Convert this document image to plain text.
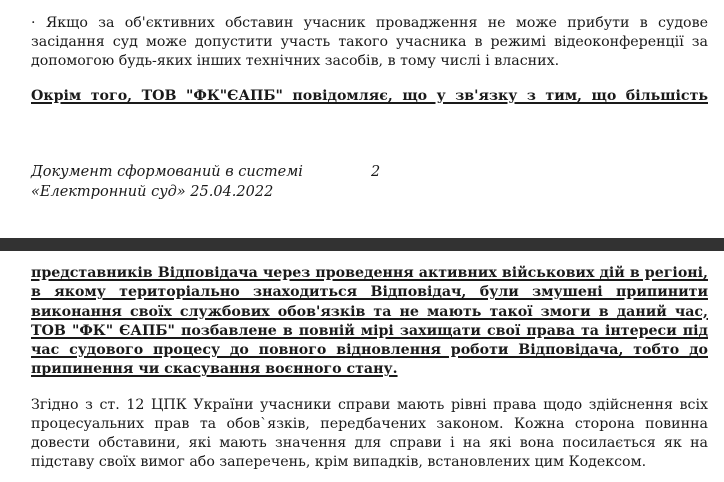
· Якщо за об'єктивних обставин учасник провадження не може прибути в судове засідання суд може допустити участь такого учасника в режимі відеоконференції за допомогою будь-яких інших технічних засобів, в тому числі і власних.

Окрім того, ТОВ "ФК"ЄАПБ" повідомляє, що у зв'язку з тим, що більшість

Документ сформований в системі
«Електронний суд» 25.04.2022
2

представників Відповідача через проведення активних військових дій в регіоні, в якому територіально знаходиться Відповідач, були змушені припинити виконання своїх службових обов'язків та не мають такої змоги в даний час, ТОВ "ФК" ЄАПБ" позбавлене в повній мірі захищати свої права та інтереси під час судового процесу до повного відновлення роботи Відповідача, тобто до припинення чи скасування воєнного стану.

Згідно з ст. 12 ЦПК України учасники справи мають рівні права щодо здійснення всіх процесуальних прав та обов`язків, передбачених законом. Кожна сторона повинна довести обставини, які мають значення для справи і на які вона посилається як на підставу своїх вимог або заперечень, крім випадків, встановлених цим Кодексом.
